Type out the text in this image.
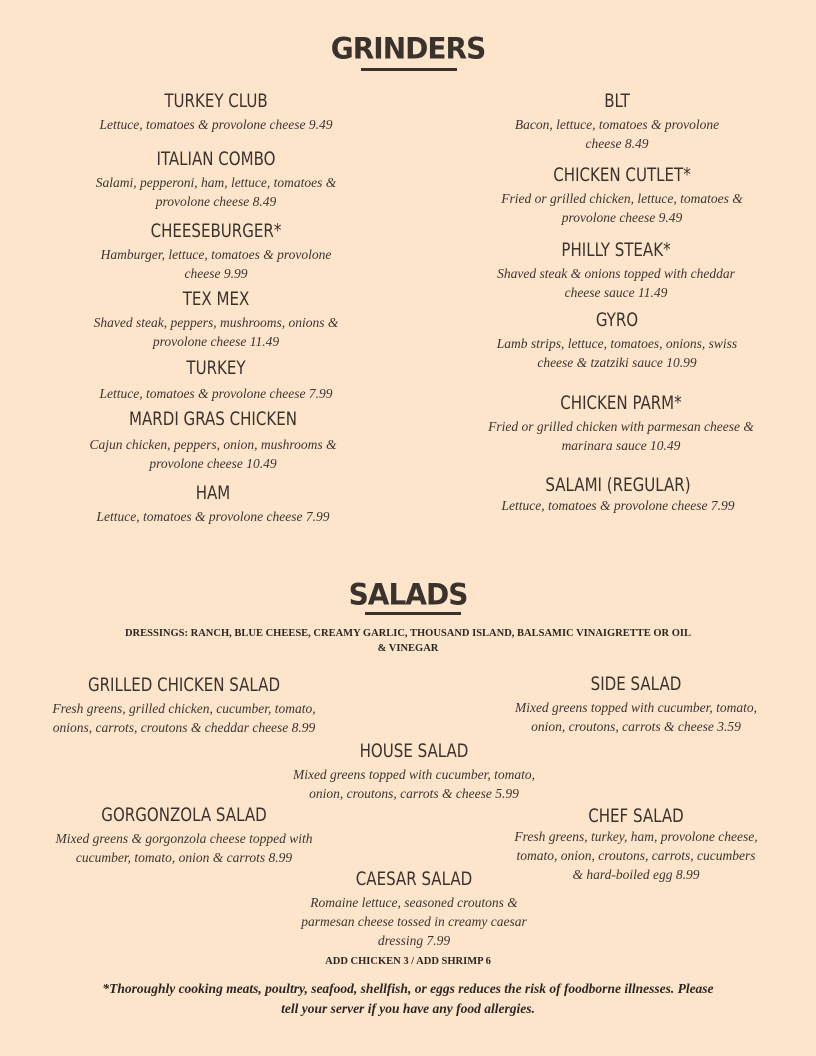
GRINDERS
TURKEY CLUB
Lettuce, tomatoes & provolone cheese 9.49
ITALIAN COMBO
Salami, pepperoni, ham, lettuce, tomatoes & provolone cheese 8.49
CHEESEBURGER*
Hamburger, lettuce, tomatoes & provolone cheese 9.99
TEX MEX
Shaved steak, peppers, mushrooms, onions & provolone cheese 11.49
TURKEY
Lettuce, tomatoes & provolone cheese 7.99
MARDI GRAS CHICKEN
Cajun chicken, peppers, onion, mushrooms & provolone cheese 10.49
HAM
Lettuce, tomatoes & provolone cheese 7.99
BLT
Bacon, lettuce, tomatoes & provolone cheese 8.49
CHICKEN CUTLET*
Fried or grilled chicken, lettuce, tomatoes & provolone cheese 9.49
PHILLY STEAK*
Shaved steak & onions topped with cheddar cheese sauce 11.49
GYRO
Lamb strips, lettuce, tomatoes, onions, swiss cheese & tzatziki sauce 10.99
CHICKEN PARM*
Fried or grilled chicken with parmesan cheese & marinara sauce 10.49
SALAMI (REGULAR)
Lettuce, tomatoes & provolone cheese 7.99
SALADS
DRESSINGS: RANCH, BLUE CHEESE, CREAMY GARLIC, THOUSAND ISLAND, BALSAMIC VINAIGRETTE OR OIL & VINEGAR
GRILLED CHICKEN SALAD
Fresh greens, grilled chicken, cucumber, tomato, onions, carrots, croutons & cheddar cheese 8.99
SIDE SALAD
Mixed greens topped with cucumber, tomato, onion, croutons, carrots & cheese 3.59
HOUSE SALAD
Mixed greens topped with cucumber, tomato, onion, croutons, carrots & cheese 5.99
GORGONZOLA SALAD
Mixed greens & gorgonzola cheese topped with cucumber, tomato, onion & carrots 8.99
CHEF SALAD
Fresh greens, turkey, ham, provolone cheese, tomato, onion, croutons, carrots, cucumbers & hard-boiled egg 8.99
CAESAR SALAD
Romaine lettuce, seasoned croutons & parmesan cheese tossed in creamy caesar dressing 7.99
ADD CHICKEN 3 / ADD SHRIMP 6
*Thoroughly cooking meats, poultry, seafood, shellfish, or eggs reduces the risk of foodborne illnesses. Please tell your server if you have any food allergies.
